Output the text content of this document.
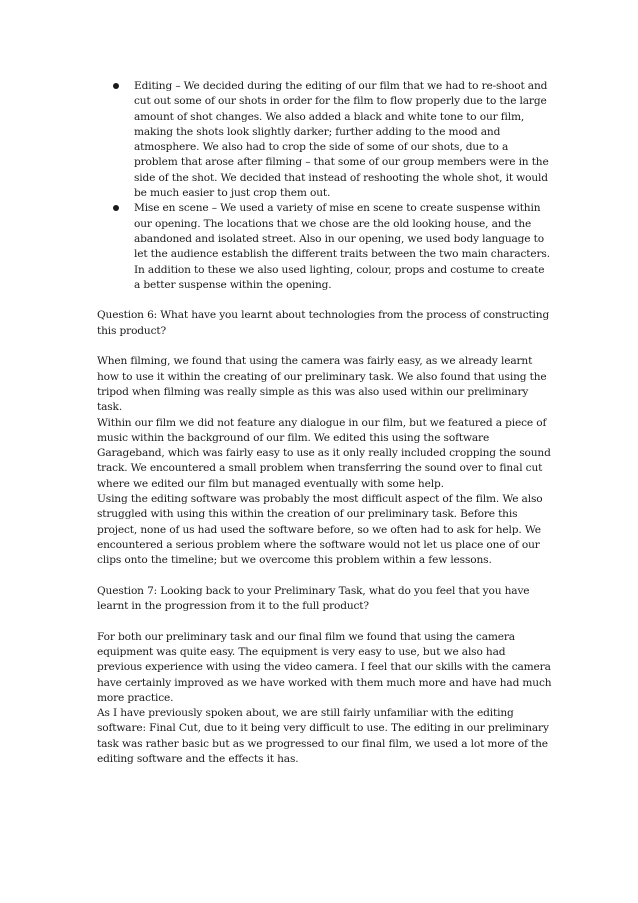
Editing – We decided during the editing of our film that we had to re-shoot and cut out some of our shots in order for the film to flow properly due to the large amount of shot changes. We also added a black and white tone to our film, making the shots look slightly darker; further adding to the mood and atmosphere. We also had to crop the side of some of our shots, due to a problem that arose after filming – that some of our group members were in the side of the shot. We decided that instead of reshooting the whole shot, it would be much easier to just crop them out.
Mise en scene – We used a variety of mise en scene to create suspense within our opening. The locations that we chose are the old looking house, and the abandoned and isolated street. Also in our opening, we used body language to let the audience establish the different traits between the two main characters. In addition to these we also used lighting, colour, props and costume to create a better suspense within the opening.

Question 6: What have you learnt about technologies from the process of constructing this product?

When filming, we found that using the camera was fairly easy, as we already learnt how to use it within the creating of our preliminary task. We also found that using the tripod when filming was really simple as this was also used within our preliminary task.

Within our film we did not feature any dialogue in our film, but we featured a piece of music within the background of our film. We edited this using the software Garageband, which was fairly easy to use as it only really included cropping the sound track. We encountered a small problem when transferring the sound over to final cut where we edited our film but managed eventually with some help.

Using the editing software was probably the most difficult aspect of the film. We also struggled with using this within the creation of our preliminary task. Before this project, none of us had used the software before, so we often had to ask for help. We encountered a serious problem where the software would not let us place one of our clips onto the timeline; but we overcome this problem within a few lessons.

Question 7: Looking back to your Preliminary Task, what do you feel that you have learnt in the progression from it to the full product?

For both our preliminary task and our final film we found that using the camera equipment was quite easy. The equipment is very easy to use, but we also had previous experience with using the video camera. I feel that our skills with the camera have certainly improved as we have worked with them much more and have had much more practice.

As I have previously spoken about, we are still fairly unfamiliar with the editing software: Final Cut, due to it being very difficult to use. The editing in our preliminary task was rather basic but as we progressed to our final film, we used a lot more of the editing software and the effects it has.
